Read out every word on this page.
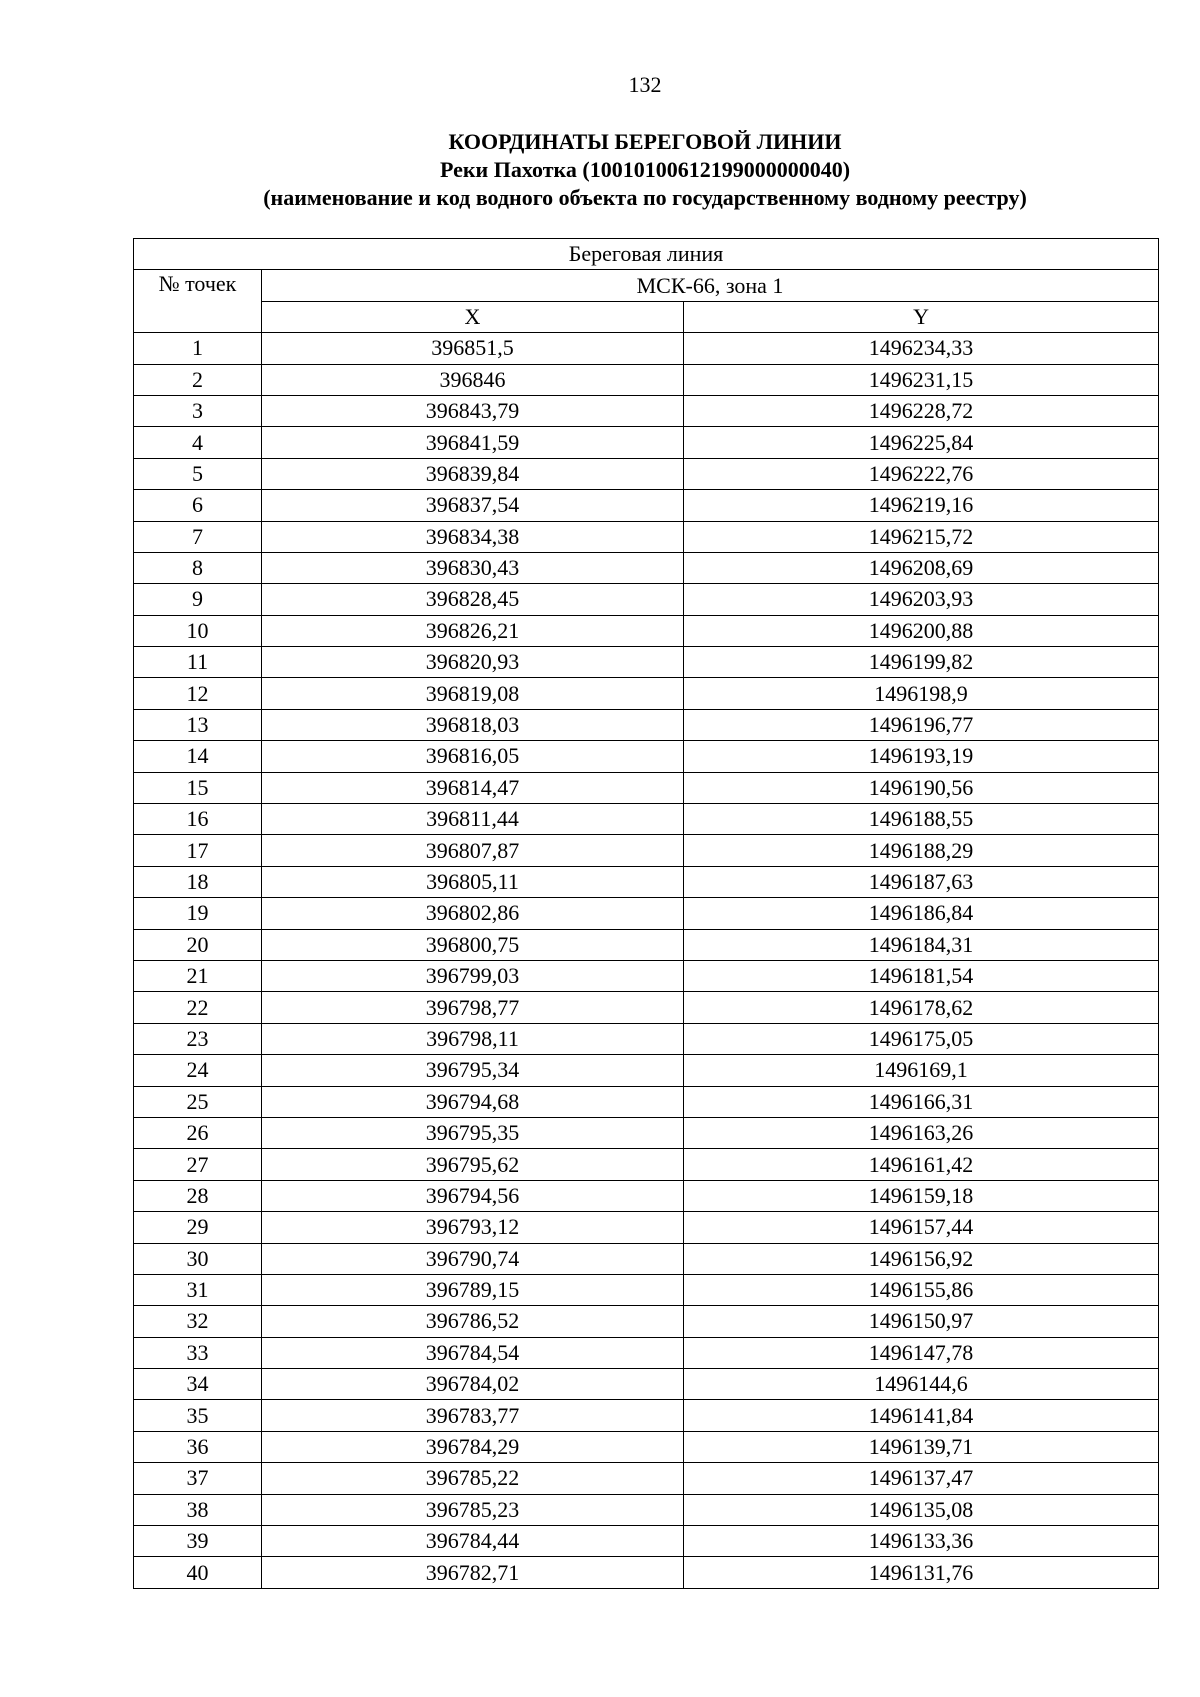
132
КООРДИНАТЫ БЕРЕГОВОЙ ЛИНИИ
Реки Пахотка (10010100612199000000040)
(наименование и код водного объекта по государственному водному реестру)
Береговая линия		
№ точек	МСК-66, зона 1	
	X	Y
1	396851,5	1496234,33
2	396846	1496231,15
3	396843,79	1496228,72
4	396841,59	1496225,84
5	396839,84	1496222,76
6	396837,54	1496219,16
7	396834,38	1496215,72
8	396830,43	1496208,69
9	396828,45	1496203,93
10	396826,21	1496200,88
11	396820,93	1496199,82
12	396819,08	1496198,9
13	396818,03	1496196,77
14	396816,05	1496193,19
15	396814,47	1496190,56
16	396811,44	1496188,55
17	396807,87	1496188,29
18	396805,11	1496187,63
19	396802,86	1496186,84
20	396800,75	1496184,31
21	396799,03	1496181,54
22	396798,77	1496178,62
23	396798,11	1496175,05
24	396795,34	1496169,1
25	396794,68	1496166,31
26	396795,35	1496163,26
27	396795,62	1496161,42
28	396794,56	1496159,18
29	396793,12	1496157,44
30	396790,74	1496156,92
31	396789,15	1496155,86
32	396786,52	1496150,97
33	396784,54	1496147,78
34	396784,02	1496144,6
35	396783,77	1496141,84
36	396784,29	1496139,71
37	396785,22	1496137,47
38	396785,23	1496135,08
39	396784,44	1496133,36
40	396782,71	1496131,76
